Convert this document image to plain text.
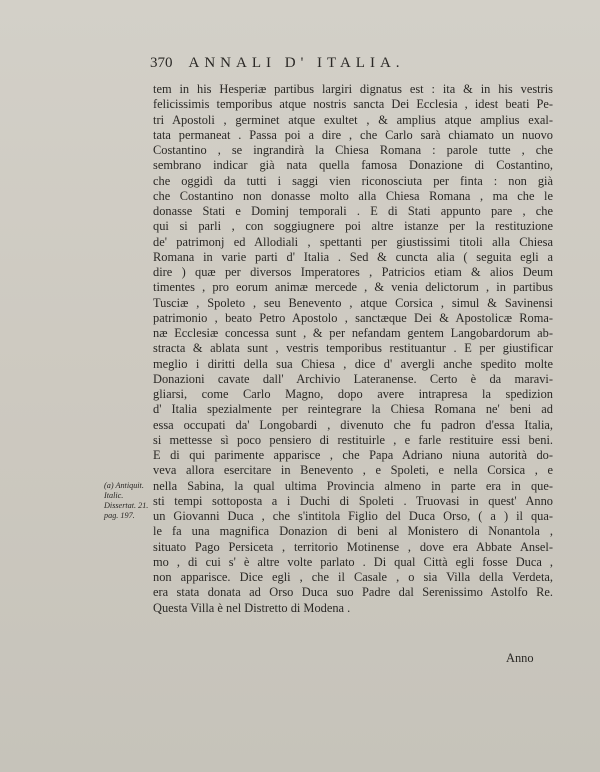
370 ANNALI D' ITALIA.

tem in his Hesperiæ partibus largiri dignatus est : ita & in his vestris
felicissimis temporibus atque nostris sancta Dei Ecclesia , idest beati Pe-
tri Apostoli , germinet atque exultet , & amplius atque amplius exal-
tata permaneat . Passa poi a dire , che Carlo sarà chiamato un nuovo
Costantino , se ingrandirà la Chiesa Romana : parole tutte , che
sembrano indicar già nata quella famosa Donazione di Costantino,
che oggidì da tutti i saggi vien riconosciuta per finta : non già
che Costantino non donasse molto alla Chiesa Romana , ma che le
donasse Stati e Dominj temporali . E di Stati appunto pare , che
qui si parli , con soggiugnere poi altre istanze per la restituzione
de' patrimonj ed Allodiali , spettanti per giustissimi titoli alla Chiesa
Romana in varie parti d' Italia . Sed & cuncta alia ( seguita egli a
dire ) quæ per diversos Imperatores , Patricios etiam & alios Deum
timentes , pro eorum animæ mercede , & venia delictorum , in partibus
Tusciæ , Spoleto , seu Benevento , atque Corsica , simul & Savinensi
patrimonio , beato Petro Apostolo , sanctæque Dei & Apostolicæ Roma-
næ Ecclesiæ concessa sunt , & per nefandam gentem Langobardorum ab-
stracta & ablata sunt , vestris temporibus restituantur . E per giustificar
meglio i diritti della sua Chiesa , dice d' avergli anche spedito molte
Donazioni cavate dall' Archivio Lateranense. Certo è da maravi-
gliarsi, come Carlo Magno, dopo avere intrapresa la spedizion
d' Italia spezialmente per reintegrare la Chiesa Romana ne' beni ad
essa occupati da' Longobardi , divenuto che fu padron d'essa Italia,
si mettesse sì poco pensiero di restituirle , e farle restituire essi beni.
E di qui parimente apparisce , che Papa Adriano niuna autorità do-
veva allora esercitare in Benevento , e Spoleti, e nella Corsica , e
nella Sabina, la qual ultima Provincia almeno in parte era in que-
sti tempi sottoposta a i Duchi di Spoleti . Truovasi in quest' Anno
un Giovanni Duca , che s'intitola Figlio del Duca Orso, ( a ) il qua-
le fa una magnifica Donazion di beni al Monistero di Nonantola ,
situato Pago Persiceta , territorio Motinense , dove era Abbate Ansel-
mo , di cui s' è altre volte parlato . Di qual Città egli fosse Duca ,
non apparisce. Dice egli , che il Casale , o sia Villa della Verdeta,
era stata donata ad Orso Duca suo Padre dal Serenissimo Astolfo Re.
Questa Villa è nel Distretto di Modena .

(a) Antiquit. Italic. Dissertat. 21. pag. 197.
Anno
